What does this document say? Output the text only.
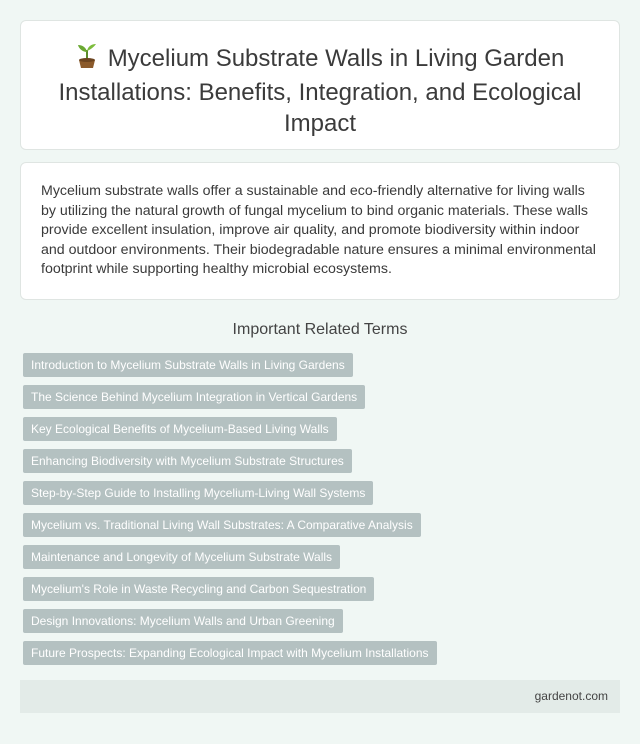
Mycelium Substrate Walls in Living Garden Installations: Benefits, Integration, and Ecological Impact

Mycelium substrate walls offer a sustainable and eco-friendly alternative for living walls by utilizing the natural growth of fungal mycelium to bind organic materials. These walls provide excellent insulation, improve air quality, and promote biodiversity within indoor and outdoor environments. Their biodegradable nature ensures a minimal environmental footprint while supporting healthy microbial ecosystems.

Important Related Terms
Introduction to Mycelium Substrate Walls in Living Gardens
The Science Behind Mycelium Integration in Vertical Gardens
Key Ecological Benefits of Mycelium-Based Living Walls
Enhancing Biodiversity with Mycelium Substrate Structures
Step-by-Step Guide to Installing Mycelium-Living Wall Systems
Mycelium vs. Traditional Living Wall Substrates: A Comparative Analysis
Maintenance and Longevity of Mycelium Substrate Walls
Mycelium's Role in Waste Recycling and Carbon Sequestration
Design Innovations: Mycelium Walls and Urban Greening
Future Prospects: Expanding Ecological Impact with Mycelium Installations
gardenot.com
